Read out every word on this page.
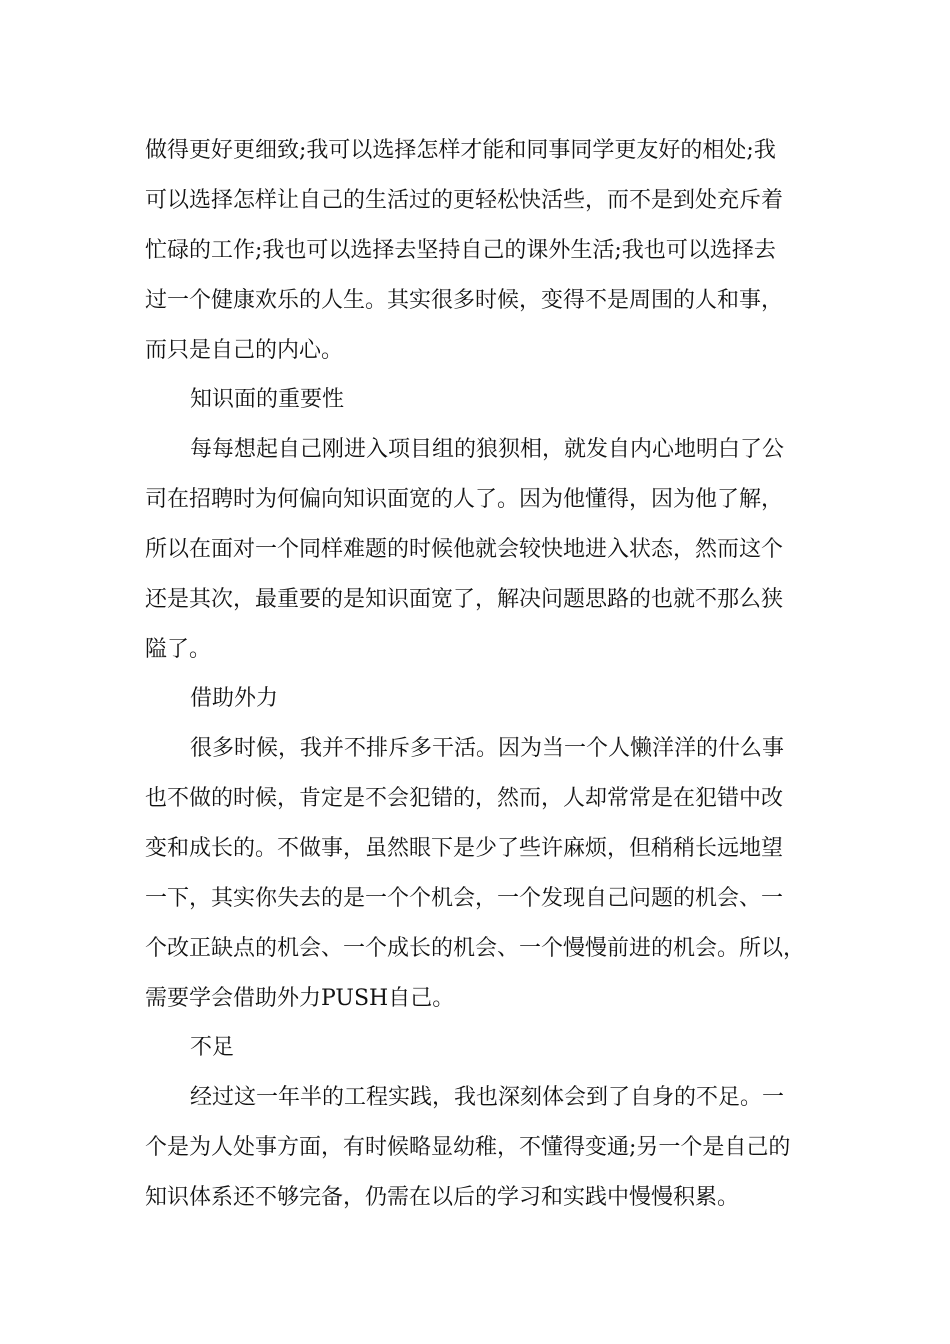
做得更好更细致;我可以选择怎样才能和同事同学更友好的相处;我

可以选择怎样让自己的生活过的更轻松快活些，而不是到处充斥着

忙碌的工作;我也可以选择去坚持自己的课外生活;我也可以选择去

过一个健康欢乐的人生。其实很多时候，变得不是周围的人和事，

而只是自己的内心。

知识面的重要性

每每想起自己刚进入项目组的狼狈相，就发自内心地明白了公

司在招聘时为何偏向知识面宽的人了。因为他懂得，因为他了解，

所以在面对一个同样难题的时候他就会较快地进入状态，然而这个

还是其次，最重要的是知识面宽了，解决问题思路的也就不那么狭

隘了。

借助外力

很多时候，我并不排斥多干活。因为当一个人懒洋洋的什么事

也不做的时候，肯定是不会犯错的，然而，人却常常是在犯错中改

变和成长的。不做事，虽然眼下是少了些许麻烦，但稍稍长远地望

一下，其实你失去的是一个个机会，一个发现自己问题的机会、一

个改正缺点的机会、一个成长的机会、一个慢慢前进的机会。所以，

需要学会借助外力PUSH自己。

不足

经过这一年半的工程实践，我也深刻体会到了自身的不足。一

个是为人处事方面，有时候略显幼稚，不懂得变通;另一个是自己的

知识体系还不够完备，仍需在以后的学习和实践中慢慢积累。
